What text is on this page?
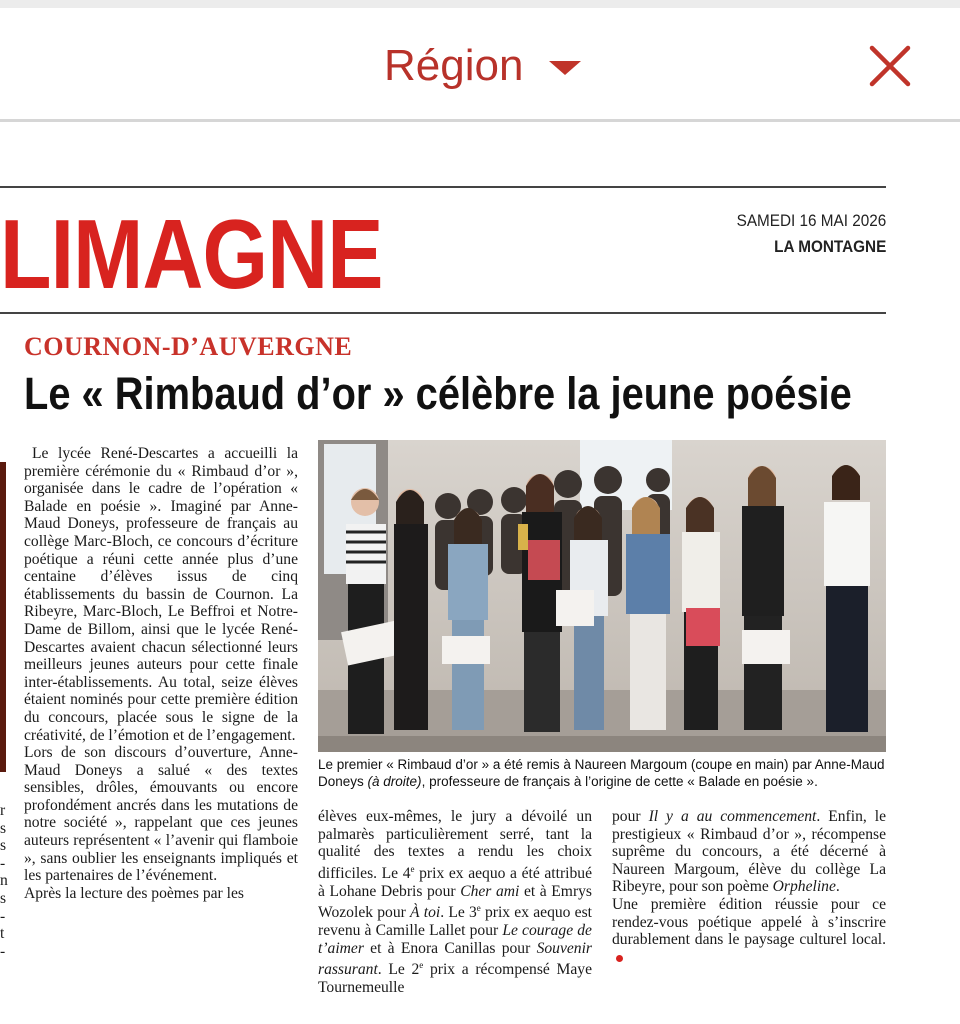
Région
LIMAGNE	SAMEDI 16 MAI 2026
LA MONTAGNE
COURNON-D’AUVERGNE
Le « Rimbaud d’or » célèbre la jeune poésie
r
s
s
-
n
s
-
t
-

Le lycée René-Descartes a accueilli la première cérémonie du « Rimbaud d’or », organisée dans le cadre de l’opération « Balade en poésie ». Imaginé par Anne-Maud Doneys, professeure de français au collège Marc-Bloch, ce concours d’écriture poétique a réuni cette année plus d’une centaine d’élèves issus de cinq établissements du bassin de Cournon. La Ribeyre, Marc-Bloch, Le Beffroi et Notre-Dame de Billom, ainsi que le lycée René-Descartes avaient chacun sélectionné leurs meilleurs jeunes auteurs pour cette finale inter-établissements. Au total, seize élèves étaient nominés pour cette première édition du concours, placée sous le signe de la créativité, de l’émotion et de l’engagement.

Lors de son discours d’ouverture, Anne-Maud Doneys a salué « des textes sensibles, drôles, émouvants ou encore profondément ancrés dans les mutations de notre société », rappelant que ces jeunes auteurs représentent « l’avenir qui flamboie », sans oublier les enseignants impliqués et les partenaires de l’événement.

Après la lecture des poèmes par les

Le premier « Rimbaud d’or » a été remis à Naureen Margoum (coupe en main) par Anne-Maud Doneys (à droite), professeure de français à l’origine de cette « Balade en poésie ».

élèves eux-mêmes, le jury a dévoilé un palmarès particulièrement serré, tant la qualité des textes a rendu les choix difficiles. Le 4e prix ex aequo a été attribué à Lohane Debris pour Cher ami et à Emrys Wozolek pour À toi. Le 3e prix ex aequo est revenu à Camille Lallet pour Le courage de t’aimer et à Enora Canillas pour Souvenir rassurant. Le 2e prix a récompensé Maye Tournemeulle

pour Il y a au commencement. Enfin, le prestigieux « Rimbaud d’or », récompense suprême du concours, a été décerné à Naureen Margoum, élève du collège La Ribeyre, pour son poème Orpheline.

Une première édition réussie pour ce rendez-vous poétique appelé à s’inscrire durablement dans le paysage culturel local.
